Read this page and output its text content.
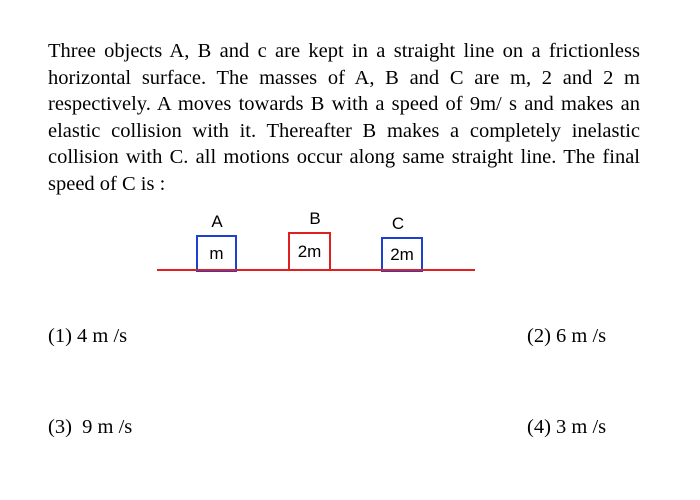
Three objects A, B and c are kept in a straight line on a frictionless horizontal surface. The masses of A, B and C are m, 2 and 2 m respectively. A moves towards B with a speed of 9m/ s and makes an elastic collision with it. Thereafter B makes a completely inelastic collision with C. all motions occur along same straight line. The final speed of C is :

A	B	C
m	2m	2m
(1) 4 m /s	(2) 6 m /s
(3)  9 m /s	(4) 3 m /s
